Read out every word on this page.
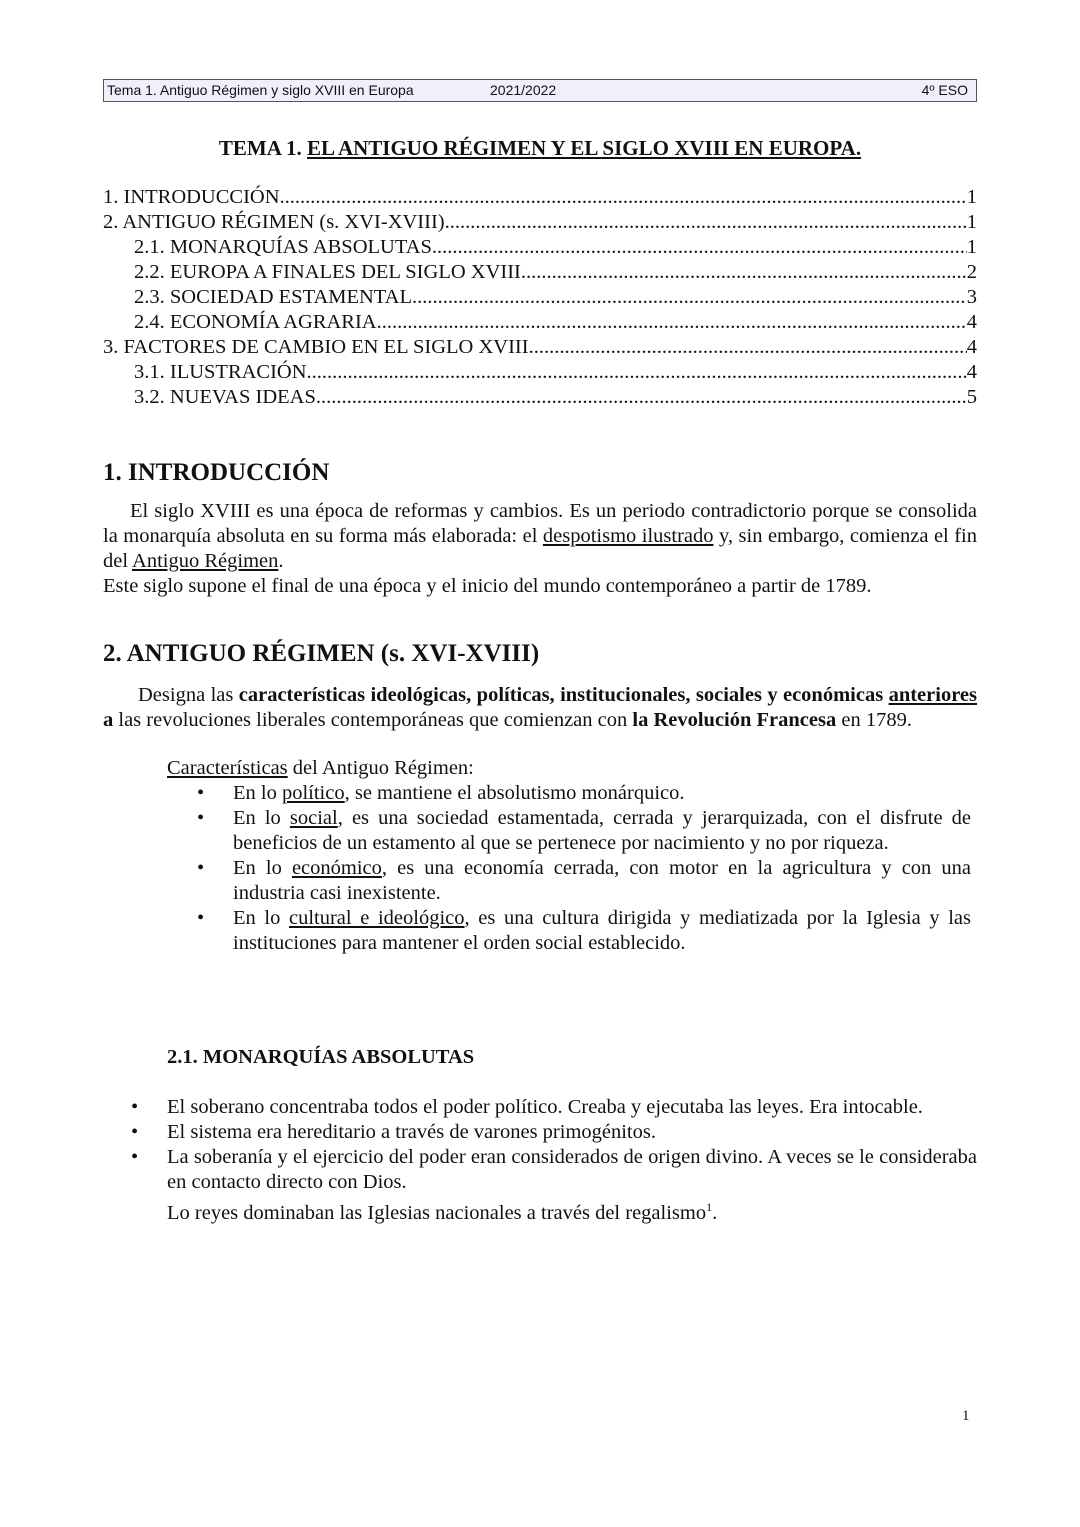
Tema 1. Antiguo Régimen y siglo XVIII en Europa	2021/2022	4º ESO
TEMA 1. EL ANTIGUO RÉGIMEN Y EL SIGLO XVIII EN EUROPA.
1. INTRODUCCIÓN .....	1
2. ANTIGUO RÉGIMEN (s. XVI-XVIII) .....	1
2.1. MONARQUÍAS ABSOLUTAS .....	1
2.2. EUROPA A FINALES DEL SIGLO XVIII .....	2
2.3. SOCIEDAD ESTAMENTAL .....	3
2.4. ECONOMÍA AGRARIA .....	4
3. FACTORES DE CAMBIO EN EL SIGLO XVIII .....	4
3.1. ILUSTRACIÓN .....	4
3.2. NUEVAS IDEAS .....	5
1. INTRODUCCIÓN

El siglo XVIII es una época de reformas y cambios. Es un periodo contradictorio porque se consolida la monarquía absoluta en su forma más elaborada: el despotismo ilustrado y, sin embargo, comienza el fin del Antiguo Régimen.

Este siglo supone el final de una época y el inicio del mundo contemporáneo a partir de 1789.

2. ANTIGUO RÉGIMEN (s. XVI-XVIII)

Designa las características ideológicas, políticas, institucionales, sociales y económicas anteriores a las revoluciones liberales contemporáneas que comienzan con la Revolución Francesa en 1789.

Características del Antiguo Régimen:

• En lo político, se mantiene el absolutismo monárquico.
• En lo social, es una sociedad estamentada, cerrada y jerarquizada, con el disfrute de beneficios de un estamento al que se pertenece por nacimiento y no por riqueza.
• En lo económico, es una economía cerrada, con motor en la agricultura y con una industria casi inexistente.
• En lo cultural e ideológico, es una cultura dirigida y mediatizada por la Iglesia y las instituciones para mantener el orden social establecido.
2.1. MONARQUÍAS ABSOLUTAS
• El soberano concentraba todos el poder político. Creaba y ejecutaba las leyes. Era intocable.
• El sistema era hereditario a través de varones primogénitos.
• La soberanía y el ejercicio del poder eran considerados de origen divino. A veces se le consideraba en contacto directo con Dios.

Lo reyes dominaban las Iglesias nacionales a través del regalismo$^1$.

1
